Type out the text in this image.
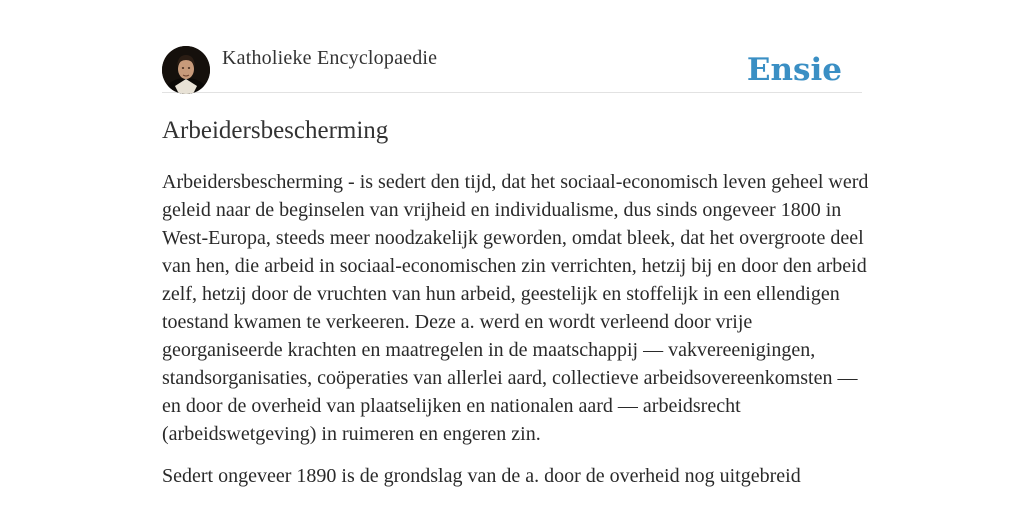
Katholieke Encyclopaedie	Ensie
Arbeidersbescherming

Arbeidersbescherming - is sedert den tijd, dat het sociaal-economisch leven geheel werd geleid naar de beginselen van vrijheid en individualisme, dus sinds ongeveer 1800 in West-Europa, steeds meer noodzakelijk geworden, omdat bleek, dat het overgroote deel van hen, die arbeid in sociaal-economischen zin verrichten, hetzij bij en door den arbeid zelf, hetzij door de vruchten van hun arbeid, geestelijk en stoffelijk in een ellendigen toestand kwamen te verkeeren. Deze a. werd en wordt verleend door vrije georganiseerde krachten en maatregelen in de maatschappij — vakvereenigingen, standsorganisaties, coöperaties van allerlei aard, collectieve arbeidsovereenkomsten — en door de overheid van plaatselijken en nationalen aard — arbeidsrecht (arbeidswetgeving) in ruimeren en engeren zin.

Sedert ongeveer 1890 is de grondslag van de a. door de overheid nog uitgebreid
